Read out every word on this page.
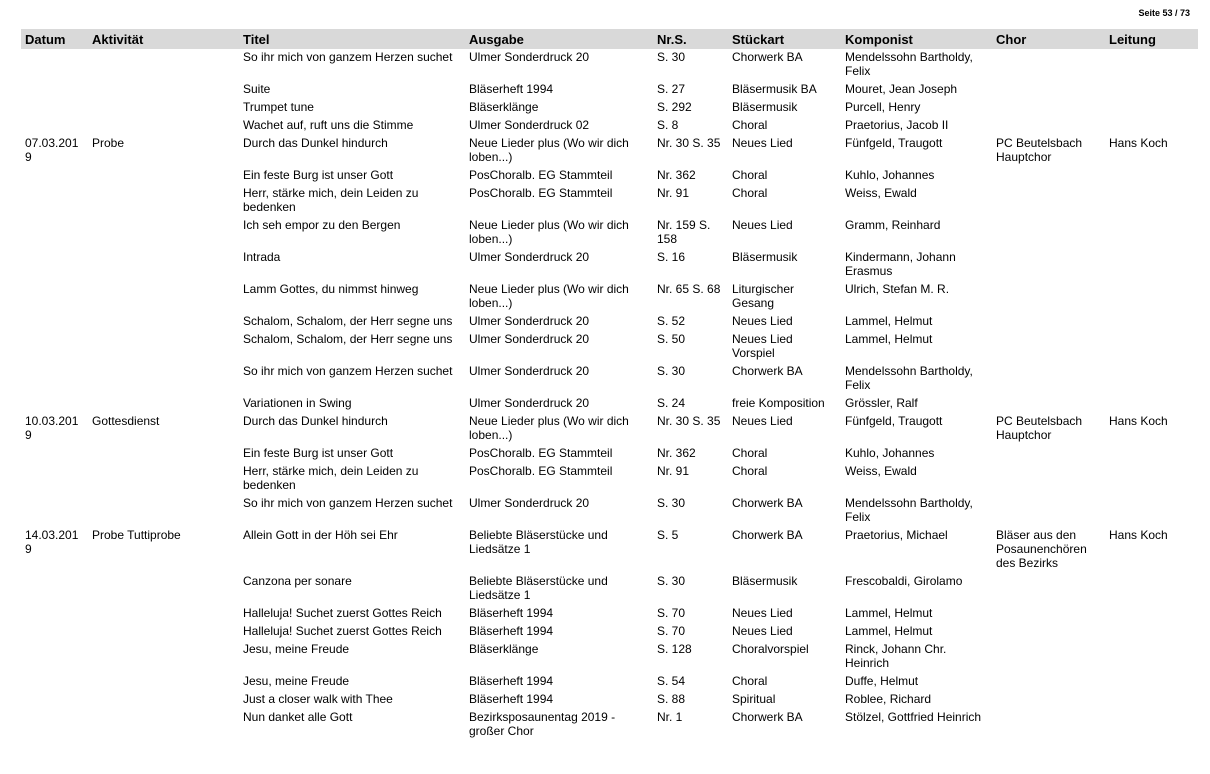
Seite 53 / 73
Datum	Aktivität	Titel	Ausgabe	Nr.S.	Stückart	Komponist	Chor	Leitung
		So ihr mich von ganzem Herzen suchet	Ulmer Sonderdruck 20	S. 30	Chorwerk BA	Mendelssohn Bartholdy, Felix		
		Suite	Bläserheft 1994	S. 27	Bläsermusik BA	Mouret, Jean Joseph		
		Trumpet tune	Bläserklänge	S. 292	Bläsermusik	Purcell, Henry		
		Wachet auf, ruft uns die Stimme	Ulmer Sonderdruck 02	S. 8	Choral	Praetorius, Jacob II		
07.03.2019	Probe	Durch das Dunkel hindurch	Neue Lieder plus (Wo wir dich loben...)	Nr. 30 S. 35	Neues Lied	Fünfgeld, Traugott	PC Beutelsbach Hauptchor	Hans Koch
		Ein feste Burg ist unser Gott	PosChoralb. EG Stammteil	Nr. 362	Choral	Kuhlo, Johannes		
		Herr, stärke mich, dein Leiden zu bedenken	PosChoralb. EG Stammteil	Nr. 91	Choral	Weiss, Ewald		
		Ich seh empor zu den Bergen	Neue Lieder plus (Wo wir dich loben...)	Nr. 159 S. 158	Neues Lied	Gramm, Reinhard		
		Intrada	Ulmer Sonderdruck 20	S. 16	Bläsermusik	Kindermann, Johann Erasmus		
		Lamm Gottes, du nimmst hinweg	Neue Lieder plus (Wo wir dich loben...)	Nr. 65 S. 68	Liturgischer Gesang	Ulrich, Stefan M. R.		
		Schalom, Schalom, der Herr segne uns	Ulmer Sonderdruck 20	S. 52	Neues Lied	Lammel, Helmut		
		Schalom, Schalom, der Herr segne uns	Ulmer Sonderdruck 20	S. 50	Neues Lied Vorspiel	Lammel, Helmut		
		So ihr mich von ganzem Herzen suchet	Ulmer Sonderdruck 20	S. 30	Chorwerk BA	Mendelssohn Bartholdy, Felix		
		Variationen in Swing	Ulmer Sonderdruck 20	S. 24	freie Komposition	Grössler, Ralf		
10.03.2019	Gottesdienst	Durch das Dunkel hindurch	Neue Lieder plus (Wo wir dich loben...)	Nr. 30 S. 35	Neues Lied	Fünfgeld, Traugott	PC Beutelsbach Hauptchor	Hans Koch
		Ein feste Burg ist unser Gott	PosChoralb. EG Stammteil	Nr. 362	Choral	Kuhlo, Johannes		
		Herr, stärke mich, dein Leiden zu bedenken	PosChoralb. EG Stammteil	Nr. 91	Choral	Weiss, Ewald		
		So ihr mich von ganzem Herzen suchet	Ulmer Sonderdruck 20	S. 30	Chorwerk BA	Mendelssohn Bartholdy, Felix		
14.03.2019	Probe Tuttiprobe	Allein Gott in der Höh sei Ehr	Beliebte Bläserstücke und Liedsätze 1	S. 5	Chorwerk BA	Praetorius, Michael	Bläser aus den Posaunenchören des Bezirks	Hans Koch
		Canzona per sonare	Beliebte Bläserstücke und Liedsätze 1	S. 30	Bläsermusik	Frescobaldi, Girolamo		
		Halleluja! Suchet zuerst Gottes Reich	Bläserheft 1994	S. 70	Neues Lied	Lammel, Helmut		
		Halleluja! Suchet zuerst Gottes Reich	Bläserheft 1994	S. 70	Neues Lied	Lammel, Helmut		
		Jesu, meine Freude	Bläserklänge	S. 128	Choralvorspiel	Rinck, Johann Chr. Heinrich		
		Jesu, meine Freude	Bläserheft 1994	S. 54	Choral	Duffe, Helmut		
		Just a closer walk with Thee	Bläserheft 1994	S. 88	Spiritual	Roblee, Richard		
		Nun danket alle Gott	Bezirksposaunentag 2019 - großer Chor	Nr. 1	Chorwerk BA	Stölzel, Gottfried Heinrich		
